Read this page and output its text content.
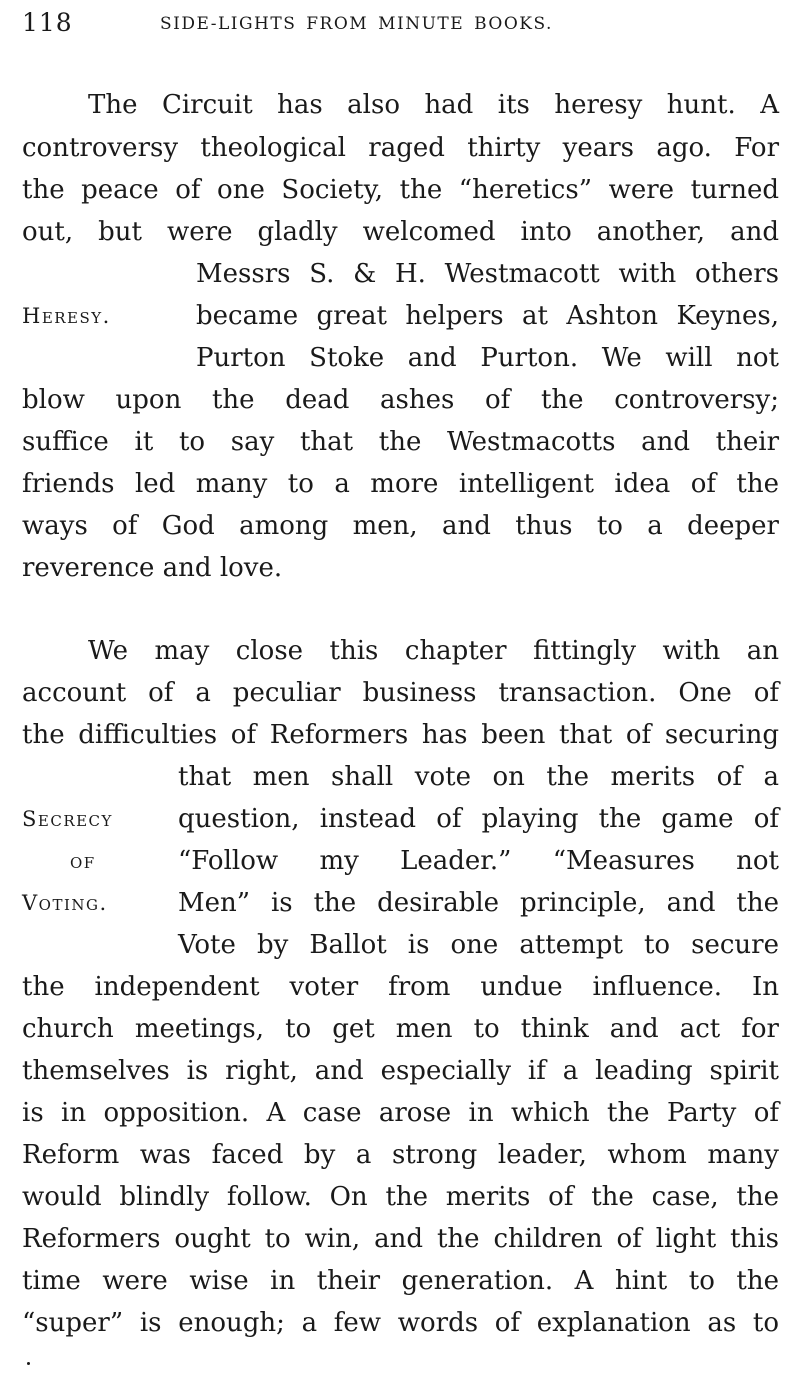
118	SIDE-LIGHTS FROM MINUTE BOOKS.
The Circuit has also had its heresy hunt. A
controversy theological raged thirty years ago. For
the peace of one Society, the “heretics” were turned
out, but were gladly welcomed into another, and
Messrs S. & H. Westmacott with others
became great helpers at Ashton Keynes,
Purton Stoke and Purton. We will not
blow upon the dead ashes of the controversy;
suffice it to say that the Westmacotts and their
friends led many to a more intelligent idea of the
ways of God among men, and thus to a deeper
reverence and love.
Heresy.
We may close this chapter fittingly with an
account of a peculiar business transaction. One of
the difficulties of Reformers has been that of securing
that men shall vote on the merits of a
question, instead of playing the game of
“Follow my Leader.” “Measures not
Men” is the desirable principle, and the
Vote by Ballot is one attempt to secure
the independent voter from undue influence. In
church meetings, to get men to think and act for
themselves is right, and especially if a leading spirit
is in opposition. A case arose in which the Party of
Reform was faced by a strong leader, whom many
would blindly follow. On the merits of the case, the
Reformers ought to win, and the children of light this
time were wise in their generation. A hint to the
“super” is enough; a few words of explanation as to
Secrecy
of
Voting.
